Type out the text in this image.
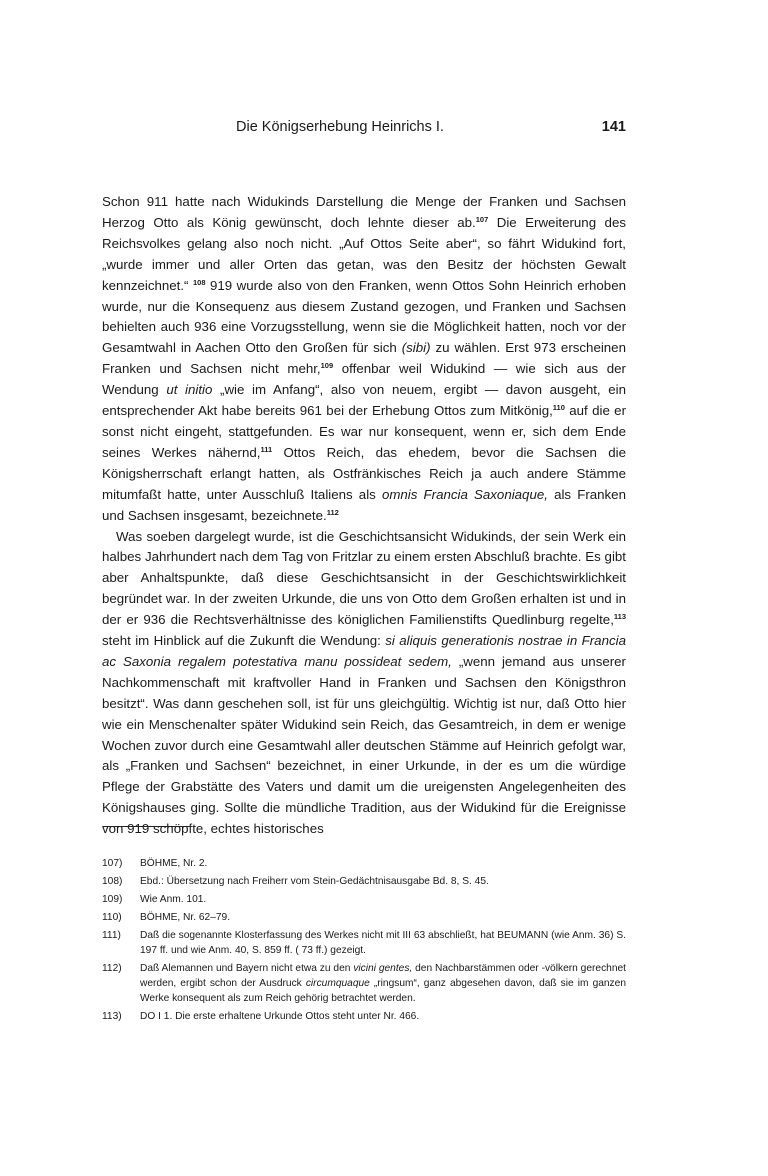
Die Königserhebung Heinrichs I.	141

Schon 911 hatte nach Widukinds Darstellung die Menge der Franken und Sachsen Herzog Otto als König gewünscht, doch lehnte dieser ab.$^{107}$ Die Erweiterung des Reichsvolkes gelang also noch nicht. „Auf Ottos Seite aber“, so fährt Widukind fort, „wurde immer und aller Orten das getan, was den Besitz der höchsten Gewalt kennzeichnet.“ $^{108}$ 919 wurde also von den Franken, wenn Ottos Sohn Heinrich erhoben wurde, nur die Konsequenz aus diesem Zustand gezogen, und Franken und Sachsen behielten auch 936 eine Vorzugsstellung, wenn sie die Möglichkeit hatten, noch vor der Gesamtwahl in Aachen Otto den Großen für sich (sibi) zu wählen. Erst 973 erscheinen Franken und Sachsen nicht mehr,$^{109}$ offenbar weil Widukind — wie sich aus der Wendung ut initio „wie im Anfang“, also von neuem, ergibt — davon ausgeht, ein entsprechender Akt habe bereits 961 bei der Erhebung Ottos zum Mitkönig,$^{110}$ auf die er sonst nicht eingeht, stattgefunden. Es war nur konsequent, wenn er, sich dem Ende seines Werkes nähernd,$^{111}$ Ottos Reich, das ehedem, bevor die Sachsen die Königsherrschaft erlangt hatten, als Ostfränkisches Reich ja auch andere Stämme mitumfaßt hatte, unter Ausschluß Italiens als omnis Francia Saxoniaque, als Franken und Sachsen insgesamt, bezeichnete.$^{112}$

Was soeben dargelegt wurde, ist die Geschichtsansicht Widukinds, der sein Werk ein halbes Jahrhundert nach dem Tag von Fritzlar zu einem ersten Abschluß brachte. Es gibt aber Anhaltspunkte, daß diese Geschichtsansicht in der Geschichtswirklichkeit begründet war. In der zweiten Urkunde, die uns von Otto dem Großen erhalten ist und in der er 936 die Rechtsverhältnisse des königlichen Familienstifts Quedlinburg regelte,$^{113}$ steht im Hinblick auf die Zukunft die Wendung: si aliquis generationis nostrae in Francia ac Saxonia regalem potestativa manu possideat sedem, „wenn jemand aus unserer Nachkommenschaft mit kraftvoller Hand in Franken und Sachsen den Königsthron besitzt“. Was dann geschehen soll, ist für uns gleichgültig. Wichtig ist nur, daß Otto hier wie ein Menschenalter später Widukind sein Reich, das Gesamtreich, in dem er wenige Wochen zuvor durch eine Gesamtwahl aller deutschen Stämme auf Heinrich gefolgt war, als „Franken und Sachsen“ bezeichnet, in einer Urkunde, in der es um die würdige Pflege der Grabstätte des Vaters und damit um die ureigensten Angelegenheiten des Königshauses ging. Sollte die mündliche Tradition, aus der Widukind für die Ereignisse von 919 schöpfte, echtes historisches

107)	BÖHME, Nr. 2.
108)	Ebd.: Übersetzung nach Freiherr vom Stein-Gedächtnisausgabe Bd. 8, S. 45.
109)	Wie Anm. 101.
110)	BÖHME, Nr. 62–79.
111)	Daß die sogenannte Klosterfassung des Werkes nicht mit III 63 abschließt, hat BEUMANN (wie Anm. 36) S. 197 ff. und wie Anm. 40, S. 859 ff. ( 73 ff.) gezeigt.
112)	Daß Alemannen und Bayern nicht etwa zu den vicini gentes, den Nachbarstämmen oder -völkern gerechnet werden, ergibt schon der Ausdruck circumquaque „ringsum“, ganz abgesehen davon, daß sie im ganzen Werke konsequent als zum Reich gehörig betrachtet werden.
113)	DO I 1. Die erste erhaltene Urkunde Ottos steht unter Nr. 466.
